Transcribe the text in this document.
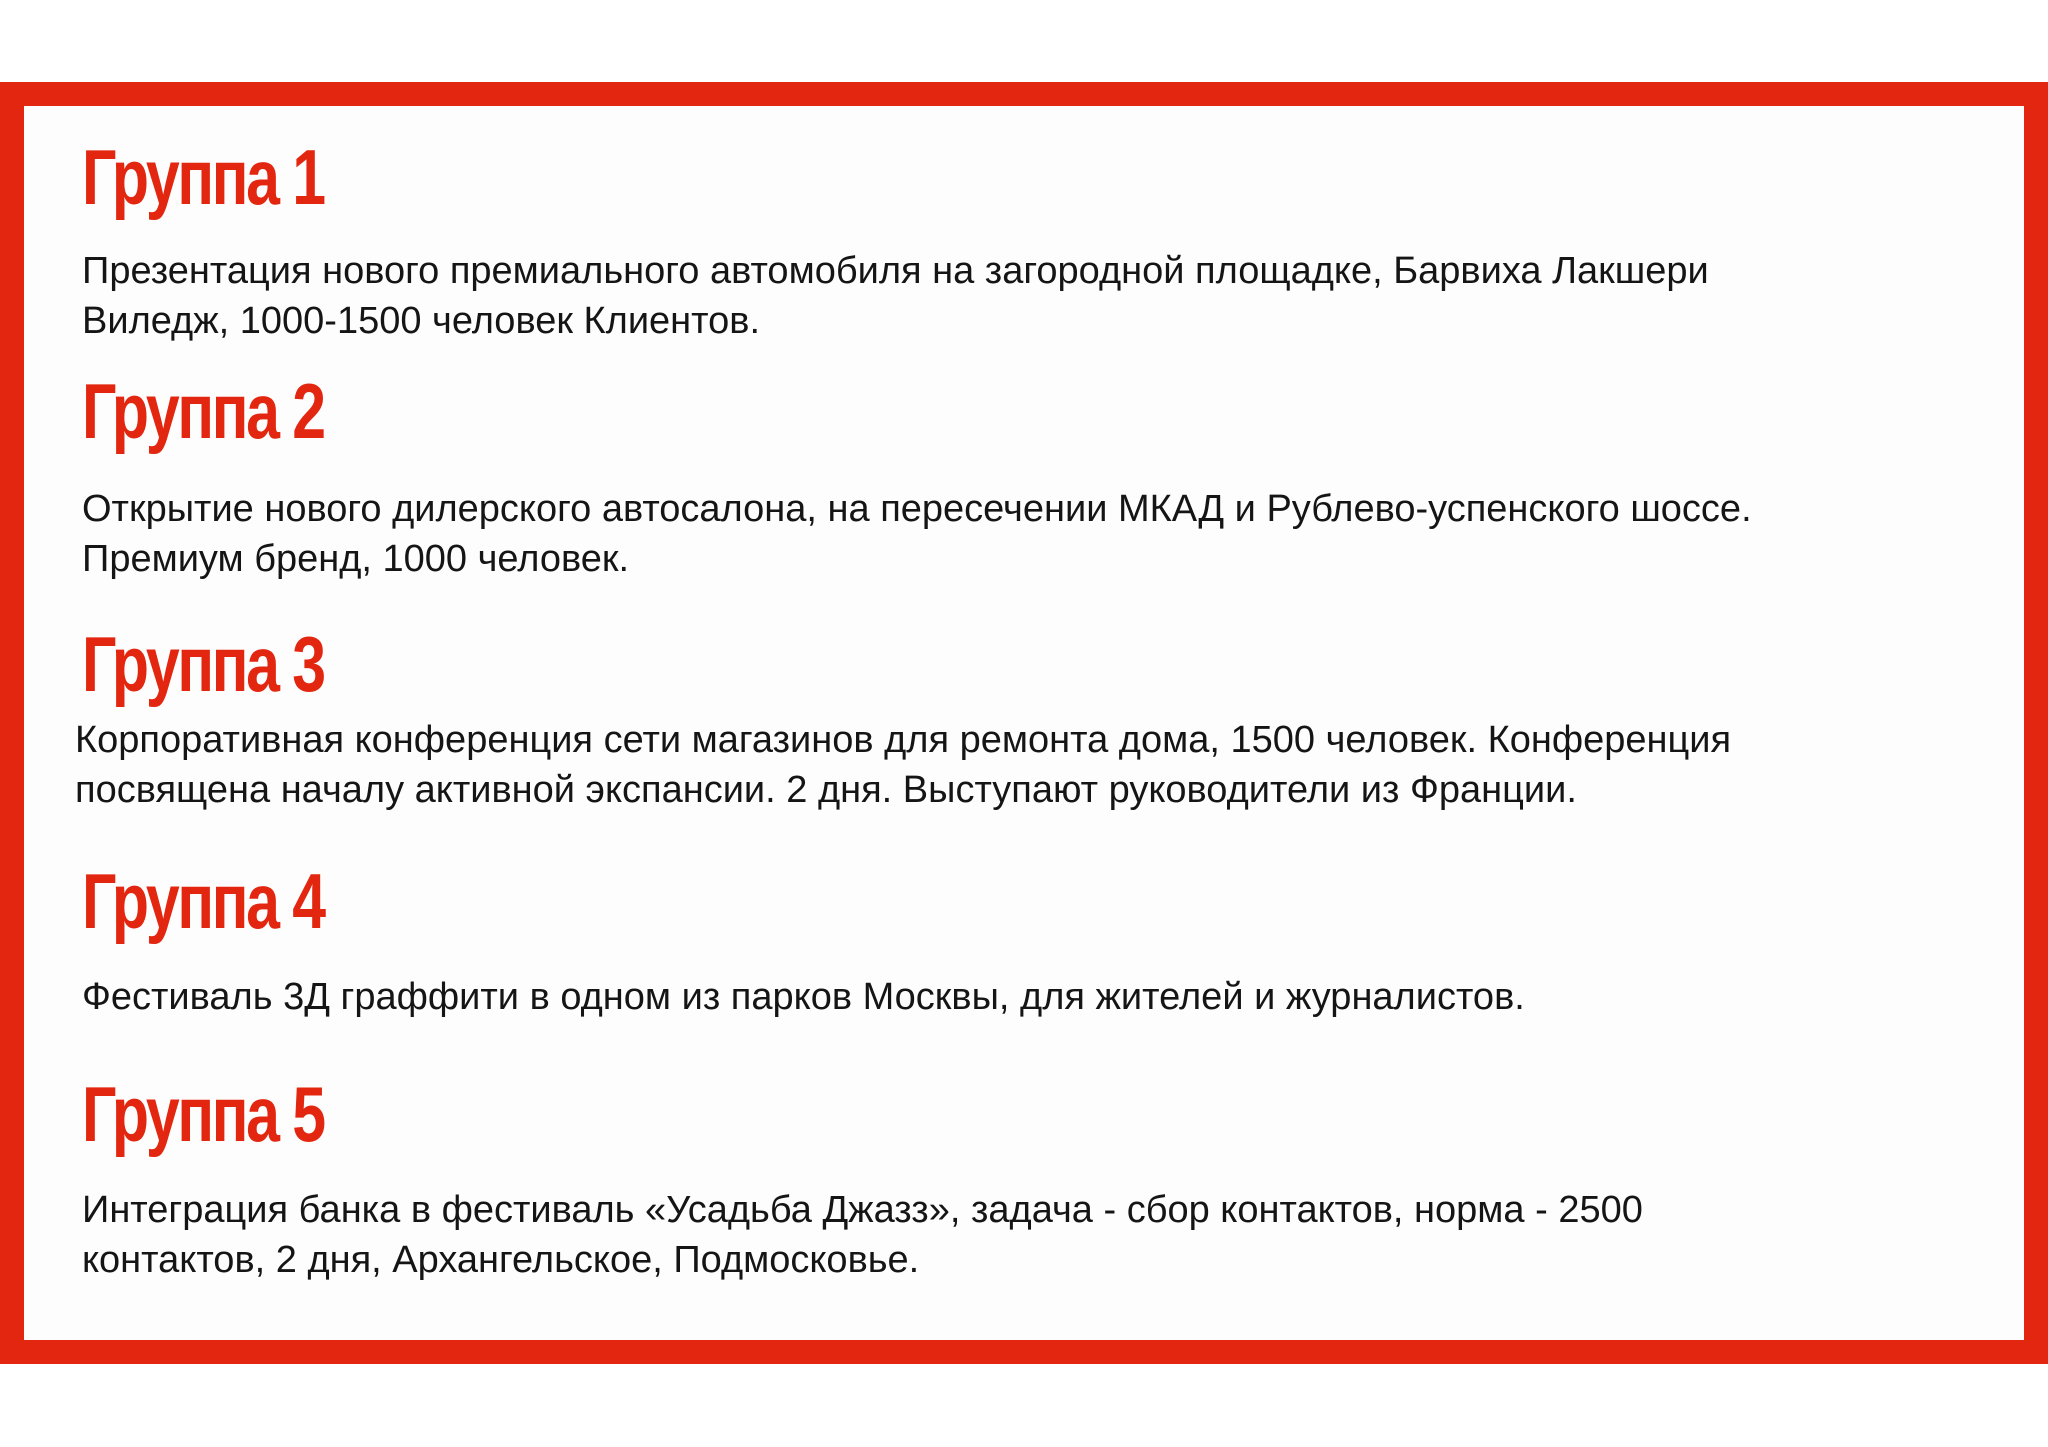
Группа 1

Презентация нового премиального автомобиля на загородной площадке, Барвиха Лакшери
Виледж, 1000-1500 человек Клиентов.

Группа 2

Открытие нового дилерского автосалона, на пересечении МКАД и Рублево-успенского шоссе.
Премиум бренд, 1000 человек.

Группа 3

Корпоративная конференция сети магазинов для ремонта дома, 1500 человек. Конференция
посвящена началу активной экспансии. 2 дня. Выступают руководители из Франции.

Группа 4

Фестиваль 3Д граффити в одном из парков Москвы, для жителей и журналистов.

Группа 5

Интеграция банка в фестиваль «Усадьба Джазз», задача - сбор контактов, норма - 2500
контактов, 2 дня, Архангельское, Подмосковье.
